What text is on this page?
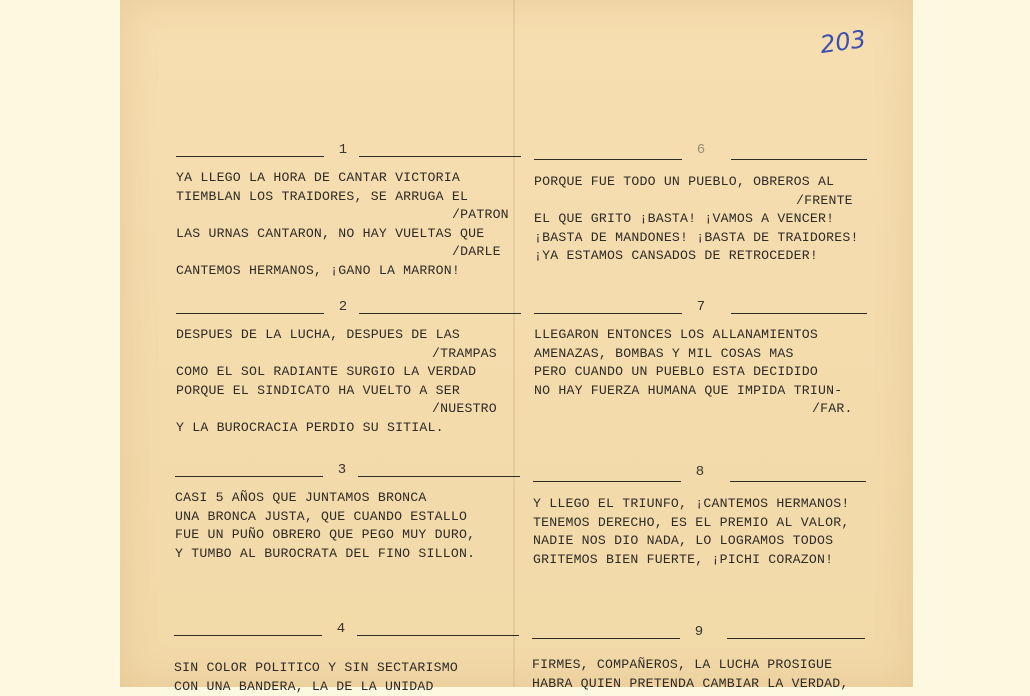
203
1
YA LLEGO LA HORA DE CANTAR VICTORIA
TIEMBLAN LOS TRAIDORES, SE ARRUGA EL
/PATRON
LAS URNAS CANTARON, NO HAY VUELTAS QUE
/DARLE
CANTEMOS HERMANOS, ¡GANO LA MARRON!
2
DESPUES DE LA LUCHA, DESPUES DE LAS
/TRAMPAS
COMO EL SOL RADIANTE SURGIO LA VERDAD
PORQUE EL SINDICATO HA VUELTO A SER
/NUESTRO
Y LA BUROCRACIA PERDIO SU SITIAL.
3
CASI 5 AÑOS QUE JUNTAMOS BRONCA
UNA BRONCA JUSTA, QUE CUANDO ESTALLO
FUE UN PUÑO OBRERO QUE PEGO MUY DURO,
Y TUMBO AL BUROCRATA DEL FINO SILLON.
4
SIN COLOR POLITICO Y SIN SECTARISMO
CON UNA BANDERA, LA DE LA UNIDAD
6
PORQUE FUE TODO UN PUEBLO, OBREROS AL
/FRENTE
EL QUE GRITO ¡BASTA! ¡VAMOS A VENCER!
¡BASTA DE MANDONES! ¡BASTA DE TRAIDORES!
¡YA ESTAMOS CANSADOS DE RETROCEDER!
7
LLEGARON ENTONCES LOS ALLANAMIENTOS
AMENAZAS, BOMBAS Y MIL COSAS MAS
PERO CUANDO UN PUEBLO ESTA DECIDIDO
NO HAY FUERZA HUMANA QUE IMPIDA TRIUN-
/FAR.
8
Y LLEGO EL TRIUNFO, ¡CANTEMOS HERMANOS!
TENEMOS DERECHO, ES EL PREMIO AL VALOR,
NADIE NOS DIO NADA, LO LOGRAMOS TODOS
GRITEMOS BIEN FUERTE, ¡PICHI CORAZON!
9
FIRMES, COMPAÑEROS, LA LUCHA PROSIGUE
HABRA QUIEN PRETENDA CAMBIAR LA VERDAD,
